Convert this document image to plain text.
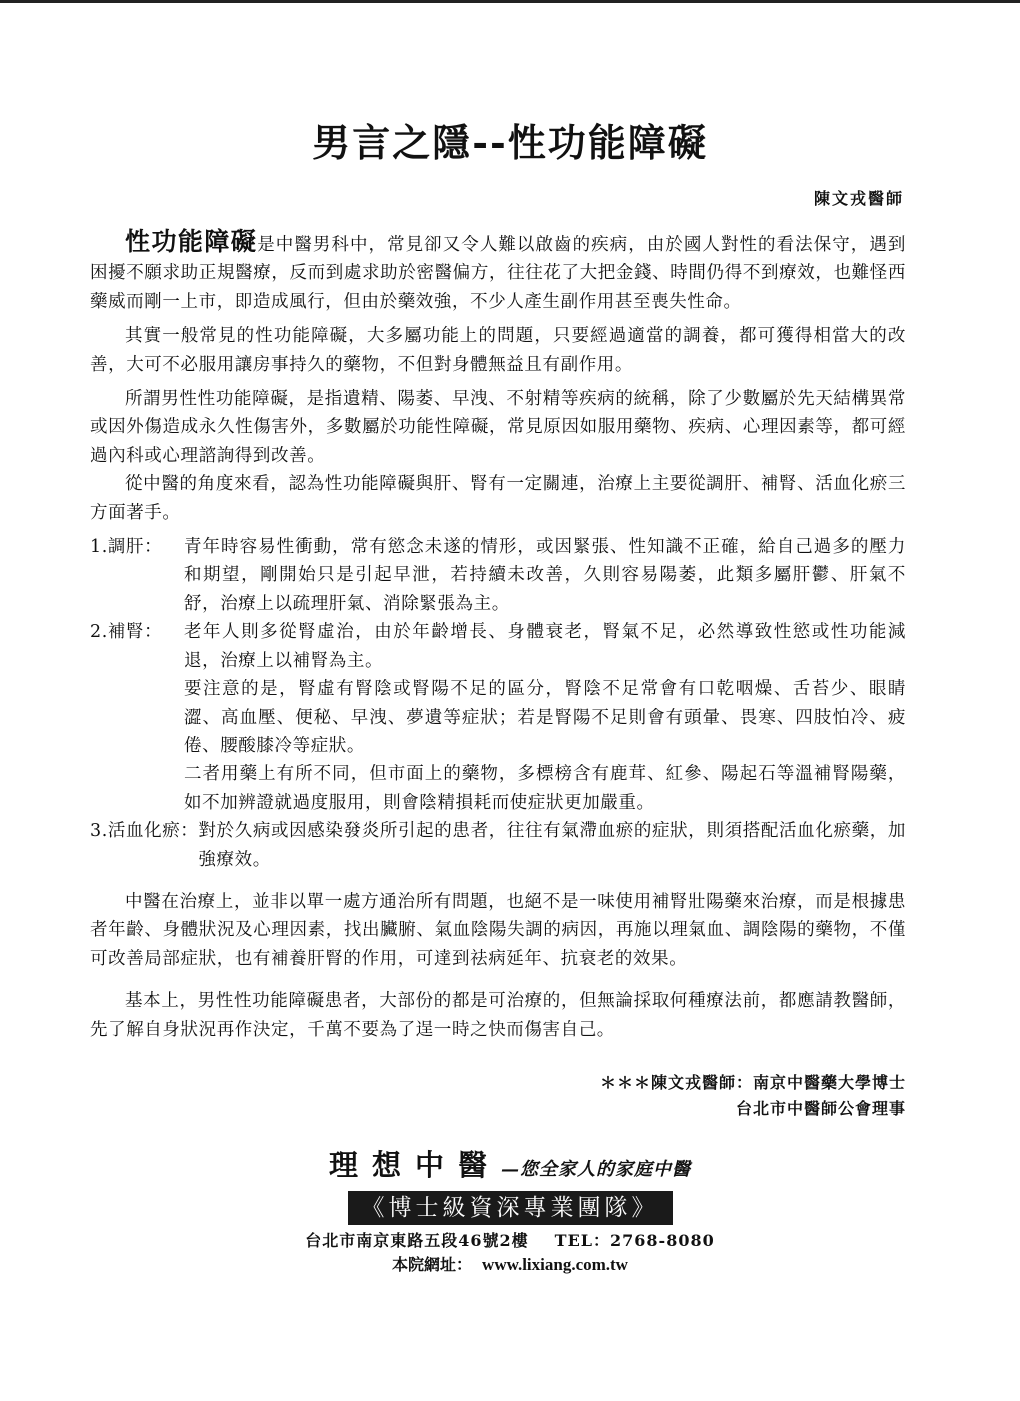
男言之隱--性功能障礙
陳文戎醫師

性功能障礙是中醫男科中，常見卻又令人難以啟齒的疾病，由於國人對性的看法保守，遇到困擾不願求助正規醫療，反而到處求助於密醫偏方，往往花了大把金錢、時間仍得不到療效，也難怪西藥威而剛一上市，即造成風行，但由於藥效強，不少人產生副作用甚至喪失性命。

其實一般常見的性功能障礙，大多屬功能上的問題，只要經過適當的調養，都可獲得相當大的改善，大可不必服用讓房事持久的藥物，不但對身體無益且有副作用。

所謂男性性功能障礙，是指遺精、陽萎、早洩、不射精等疾病的統稱，除了少數屬於先天結構異常或因外傷造成永久性傷害外，多數屬於功能性障礙，常見原因如服用藥物、疾病、心理因素等，都可經過內科或心理諮詢得到改善。

從中醫的角度來看，認為性功能障礙與肝、腎有一定關連，治療上主要從調肝、補腎、活血化瘀三方面著手。

1.調肝：	青年時容易性衝動，常有慾念未遂的情形，或因緊張、性知識不正確，給自己過多的壓力和期望，剛開始只是引起早泄，若持續未改善，久則容易陽萎，此類多屬肝鬱、肝氣不舒，治療上以疏理肝氣、消除緊張為主。

2.補腎：	老年人則多從腎虛治，由於年齡增長、身體衰老，腎氣不足，必然導致性慾或性功能減退，治療上以補腎為主。

要注意的是，腎虛有腎陰或腎陽不足的區分，腎陰不足常會有口乾咽燥、舌苔少、眼睛澀、高血壓、便秘、早洩、夢遺等症狀；若是腎陽不足則會有頭暈、畏寒、四肢怕冷、疲倦、腰酸膝冷等症狀。

二者用藥上有所不同，但市面上的藥物，多標榜含有鹿茸、紅參、陽起石等溫補腎陽藥，如不加辨證就過度服用，則會陰精損耗而使症狀更加嚴重。

3.活血化瘀： 對於久病或因感染發炎所引起的患者，往往有氣滯血瘀的症狀，則須搭配活血化瘀藥，加強療效。

中醫在治療上，並非以單一處方通治所有問題，也絕不是一味使用補腎壯陽藥來治療，而是根據患者年齡、身體狀況及心理因素，找出臟腑、氣血陰陽失調的病因，再施以理氣血、調陰陽的藥物，不僅可改善局部症狀，也有補養肝腎的作用，可達到祛病延年、抗衰老的效果。

基本上，男性性功能障礙患者，大部份的都是可治療的，但無論採取何種療法前，都應請教醫師，先了解自身狀況再作決定，千萬不要為了逞一時之快而傷害自己。

＊＊＊陳文戎醫師：南京中醫藥大學博士
台北市中醫師公會理事
理想中醫—您全家人的家庭中醫
《博士級資深專業團隊》
台北市南京東路五段46號2樓 TEL：2768-8080
本院網址： www.lixiang.com.tw
